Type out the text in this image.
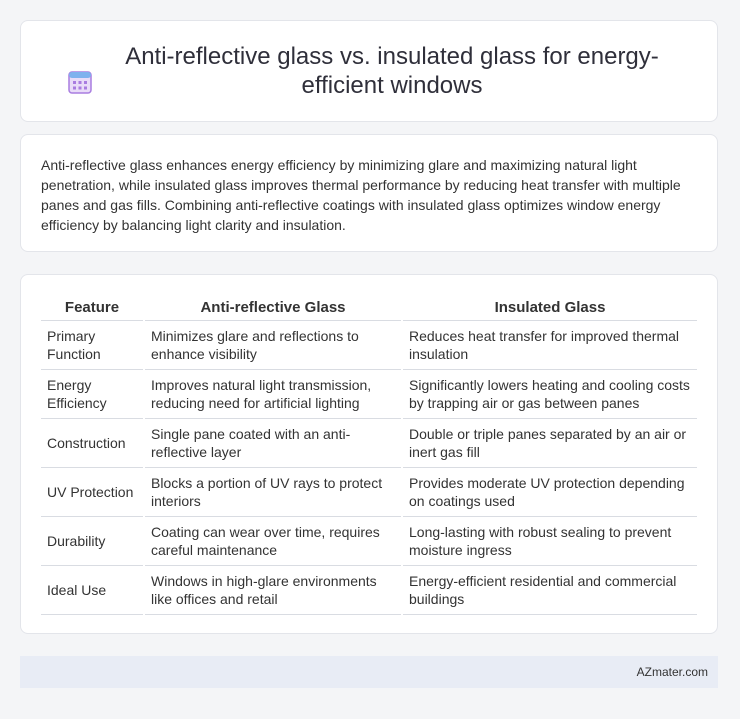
Anti-reflective glass vs. insulated glass for energy-efficient windows

Anti-reflective glass enhances energy efficiency by minimizing glare and maximizing natural light penetration, while insulated glass improves thermal performance by reducing heat transfer with multiple panes and gas fills. Combining anti-reflective coatings with insulated glass optimizes window energy efficiency by balancing light clarity and insulation.

Feature	Anti-reflective Glass	Insulated Glass
Primary Function	Minimizes glare and reflections to enhance visibility	Reduces heat transfer for improved thermal insulation
Energy Efficiency	Improves natural light transmission, reducing need for artificial lighting	Significantly lowers heating and cooling costs by trapping air or gas between panes
Construction	Single pane coated with an anti-reflective layer	Double or triple panes separated by an air or inert gas fill
UV Protection	Blocks a portion of UV rays to protect interiors	Provides moderate UV protection depending on coatings used
Durability	Coating can wear over time, requires careful maintenance	Long-lasting with robust sealing to prevent moisture ingress
Ideal Use	Windows in high-glare environments like offices and retail	Energy-efficient residential and commercial buildings
AZmater.com
